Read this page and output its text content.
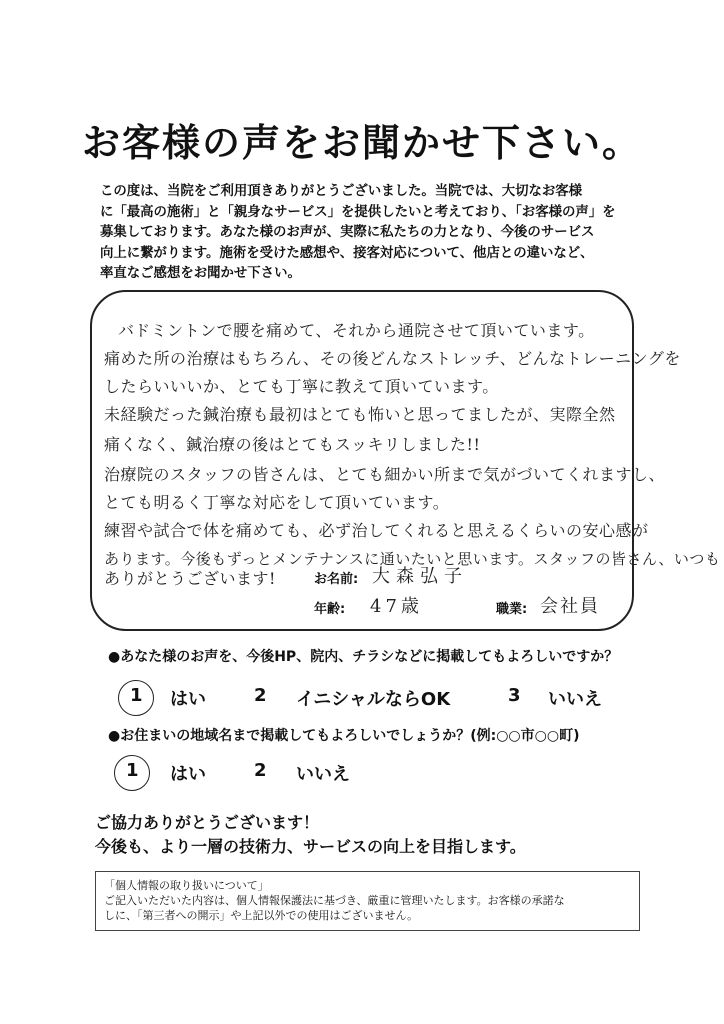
お客様の声をお聞かせ下さい。
この度は、当院をご利用頂きありがとうございました。当院では、大切なお客様
に「最高の施術」と「親身なサービス」を提供したいと考えており、「お客様の声」を
募集しております。あなた様のお声が、実際に私たちの力となり、今後のサービス
向上に繋がります。施術を受けた感想や、接客対応について、他店との違いなど、
率直なご感想をお聞かせ下さい。
バドミントンで腰を痛めて、それから通院させて頂いています。
痛めた所の治療はもちろん、その後どんなストレッチ、どんなトレーニングを
したらいいいか、とても丁寧に教えて頂いています。
未経験だった鍼治療も最初はとても怖いと思ってましたが、実際全然
痛くなく、鍼治療の後はとてもスッキリしました!!
治療院のスタッフの皆さんは、とても細かい所まで気がづいてくれますし、
とても明るく丁寧な対応をして頂いています。
練習や試合で体を痛めても、必ず治してくれると思えるくらいの安心感が
あります。今後もずっとメンテナンスに通いたいと思います。スタッフの皆さん、いつも
ありがとうございます!	お名前: 大森弘子
年齢: 47歳	職業: 会社員
●あなた様のお声を、今後HP、院内、チラシなどに掲載してもよろしいですか？
1 はい	2 イニシャルならOK	3 いいえ
●お住まいの地域名まで掲載してもよろしいでしょうか？(例:○○市○○町)
1 はい	2 いいえ
ご協力ありがとうございます！
今後も、より一層の技術力、サービスの向上を目指します。
「個人情報の取り扱いについて」
ご記入いただいた内容は、個人情報保護法に基づき、厳重に管理いたします。お客様の承諾な
しに、「第三者への開示」や上記以外での使用はございません。
